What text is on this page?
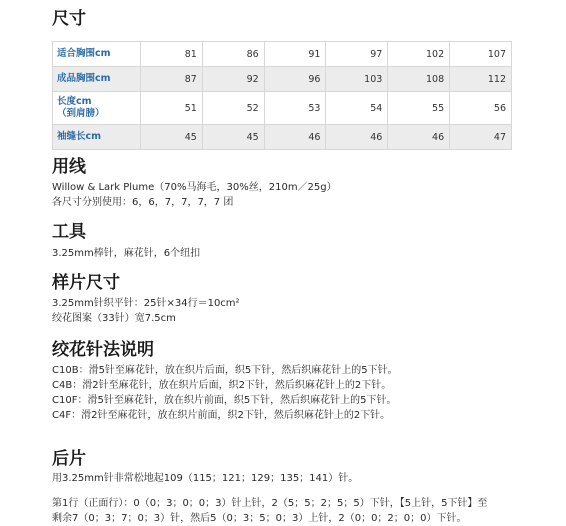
尺寸
适合胸围cm	81	86	91	97	102	107
成品胸围cm	87	92	96	103	108	112

长度cm
（到肩膀）	51	52	53	54	55	56
袖缝长cm	45	45	46	46	46	47
用线

Willow & Lark Plume（70%马海毛，30%丝，210m／25g）

各尺寸分别使用：6，6，7，7，7，7 团

工具

3.25mm棒针，麻花针，6个纽扣

样片尺寸

3.25mm针织平针：25针×34行＝10cm²

绞花图案（33针）宽7.5cm

绞花针法说明

C10B：滑5针至麻花针，放在织片后面，织5下针，然后织麻花针上的5下针。

C4B：滑2针至麻花针，放在织片后面，织2下针，然后织麻花针上的2下针。

C10F：滑5针至麻花针，放在织片前面，织5下针，然后织麻花针上的5下针。

C4F：滑2针至麻花针，放在织片前面，织2下针，然后织麻花针上的2下针。

后片

用3.25mm针非常松地起109（115；121；129；135；141）针。

第1行（正面行）：0（0；3；0；0；3）针上针，2（5；5；2；5；5）下针，【5上针，5下针】至

剩余7（0；3；7；0；3）针，然后5（0；3；5；0；3）上针，2（0；0；2；0；0）下针。
